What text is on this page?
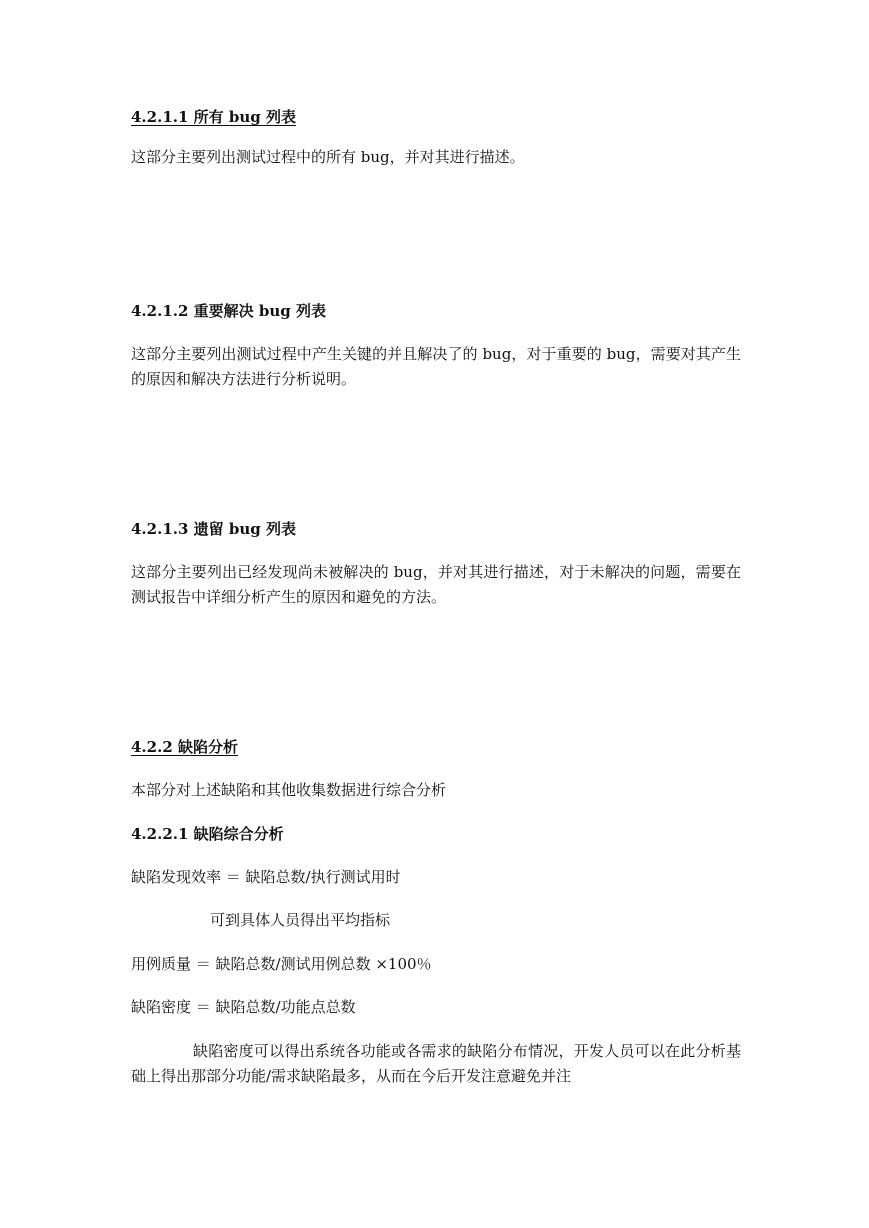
4.2.1.1 所有 bug 列表
这部分主要列出测试过程中的所有 bug，并对其进行描述。
4.2.1.2 重要解决 bug 列表
这部分主要列出测试过程中产生关键的并且解决了的 bug，对于重要的 bug，需要对其产生的原因和解决方法进行分析说明。
4.2.1.3 遗留 bug 列表
这部分主要列出已经发现尚未被解决的 bug，并对其进行描述，对于未解决的问题，需要在测试报告中详细分析产生的原因和避免的方法。
4.2.2 缺陷分析
本部分对上述缺陷和其他收集数据进行综合分析
4.2.2.1 缺陷综合分析
缺陷发现效率 ＝ 缺陷总数/执行测试用时
可到具体人员得出平均指标
用例质量 ＝ 缺陷总数/测试用例总数 ×100％
缺陷密度 ＝ 缺陷总数/功能点总数
缺陷密度可以得出系统各功能或各需求的缺陷分布情况，开发人员可以在此分析基础上得出那部分功能/需求缺陷最多，从而在今后开发注意避免并注
